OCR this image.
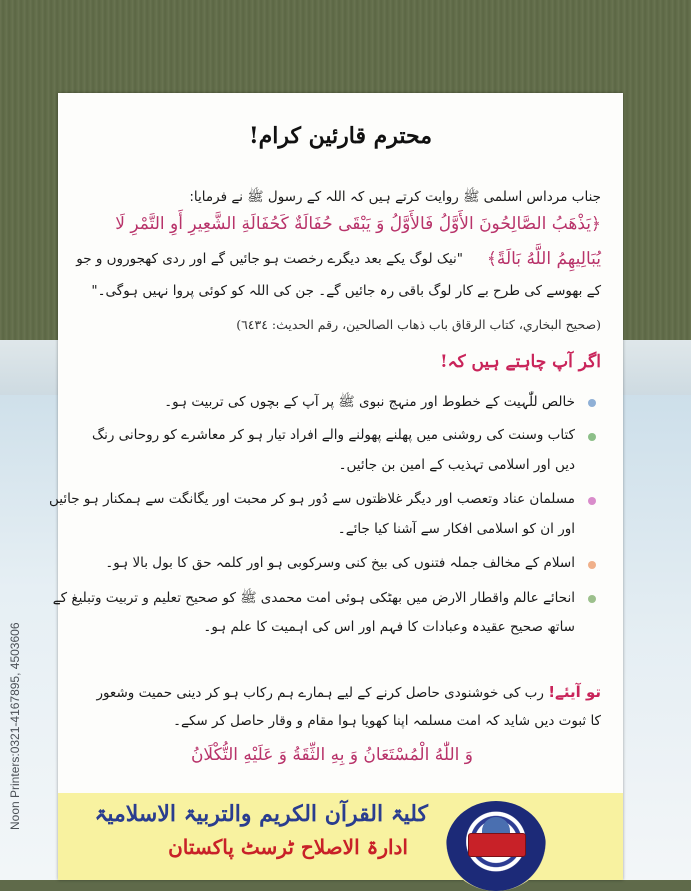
Noon Printers:0321-4167895, 4503606
محترم قارئین کرام!
جناب مرداس اسلمی ﷺ روایت کرتے ہیں کہ اللہ کے رسول ﷺ نے فرمایا:
﴿يَذْهَبُ الصَّالِحُونَ الأَوَّلُ فَالأَوَّلُ وَ يَبْقَى حُفَالَةٌ كَحُفَالَةِ الشَّعِيرِ أَوِ التَّمْرِ لَا
يُبَالِيهِمُ اللَّهُ بَالَةً﴾
"نیک لوگ یکے بعد دیگرے رخصت ہو جائیں گے اور ردی کھجوروں و جو
کے بھوسے کی طرح بے کار لوگ باقی رہ جائیں گے۔ جن کی اللہ کو کوئی پروا نہیں ہوگی۔"
(صحيح البخاري، كتاب الرقاق باب ذهاب الصالحين، رقم الحديث: ٦٤٣٤)
اگر آپ چاہتے ہیں کہ!
خالص للّٰہیت کے خطوط اور منہج نبوی ﷺ پر آپ کے بچوں کی تربیت ہو۔
کتاب وسنت کی روشنی میں پھلنے پھولنے والے افراد تیار ہو کر معاشرے کو روحانی رنگ
دیں اور اسلامی تہذیب کے امین بن جائیں۔
مسلمان عناد وتعصب اور دیگر غلاظتوں سے دُور ہو کر محبت اور یگانگت سے ہمکنار ہو جائیں
اور ان کو اسلامی افکار سے آشنا کیا جائے۔
اسلام کے مخالف جملہ فتنوں کی بیخ کنی وسرکوبی ہو اور کلمہ حق کا بول بالا ہو۔
انحائے عالم واقطار الارض میں بھٹکی ہوئی امت محمدی ﷺ کو صحیح تعلیم و تربیت وتبلیغ کے
ساتھ صحیح عقیدہ وعبادات کا فہم اور اس کی اہمیت کا علم ہو۔
تو آیئے! رب کی خوشنودی حاصل کرنے کے لیے ہمارے ہم رکاب ہو کر دینی حمیت وشعور
کا ثبوت دیں شاید کہ امت مسلمہ اپنا کھویا ہوا مقام و وقار حاصل کر سکے۔
وَ اللّٰهُ الْمُسْتَعَانُ وَ بِهِ الثِّقَةُ وَ عَلَيْهِ التُّكْلَانُ
کلیۃ القرآن الکریم والتربیۃ الاسلامیۃ
ادارۃ الاصلاح ٹرسٹ پاکستان
